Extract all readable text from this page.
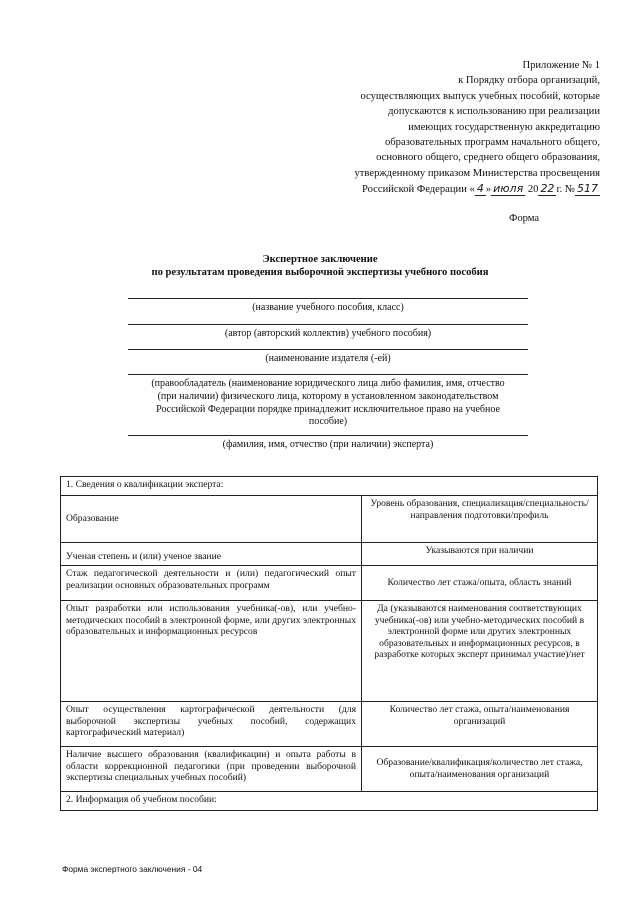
Приложение № 1
к Порядку отбора организаций,
осуществляющих выпуск учебных пособий, которые
допускаются к использованию при реализации
имеющих государственную аккредитацию
образовательных программ начального общего,
основного общего, среднего общего образования,
утвержденному приказом Министерства просвещения
Российской Федерации « 4 » июля 20 22 г. № 517
Форма
Экспертное заключение
по результатам проведения выборочной экспертизы учебного пособия
(название учебного пособия, класс)
(автор (авторский коллектив) учебного пособия)
(наименование издателя (-ей)
(правообладатель (наименование юридического лица либо фамилия, имя, отчество (при наличии) физического лица, которому в установленном законодательством Российской Федерации порядке принадлежит исключительное право на учебное пособие)
(фамилия, имя, отчество (при наличии) эксперта)
1. Сведения о квалификации эксперта:	
Образование	Уровень образования, специализация/специальность/направления подготовки/профиль
Ученая степень и (или) ученое звание	Указываются при наличии
Стаж педагогической деятельности и (или) педагогический опыт реализации основных образовательных программ	Количество лет стажа/опыта, область знаний
Опыт разработки или использования учебника(-ов), или учебно-методических пособий в электронной форме, или других электронных образовательных и информационных ресурсов	Да (указываются наименования соответствующих учебника(-ов) или учебно-методических пособий в электронной форме или других электронных образовательных и информационных ресурсов, в разработке которых эксперт принимал участие)/нет
Опыт осуществления картографической деятельности (для выборочной экспертизы учебных пособий, содержащих картографический материал)	Количество лет стажа, опыта/наименования организаций
Наличие высшего образования (квалификации) и опыта работы в области коррекционной педагогики (при проведении выборочной экспертизы специальных учебных пособий)	Образование/квалификация/количество лет стажа, опыта/наименования организаций
2. Информация об учебном пособии:	
Форма экспертного заключения - 04
